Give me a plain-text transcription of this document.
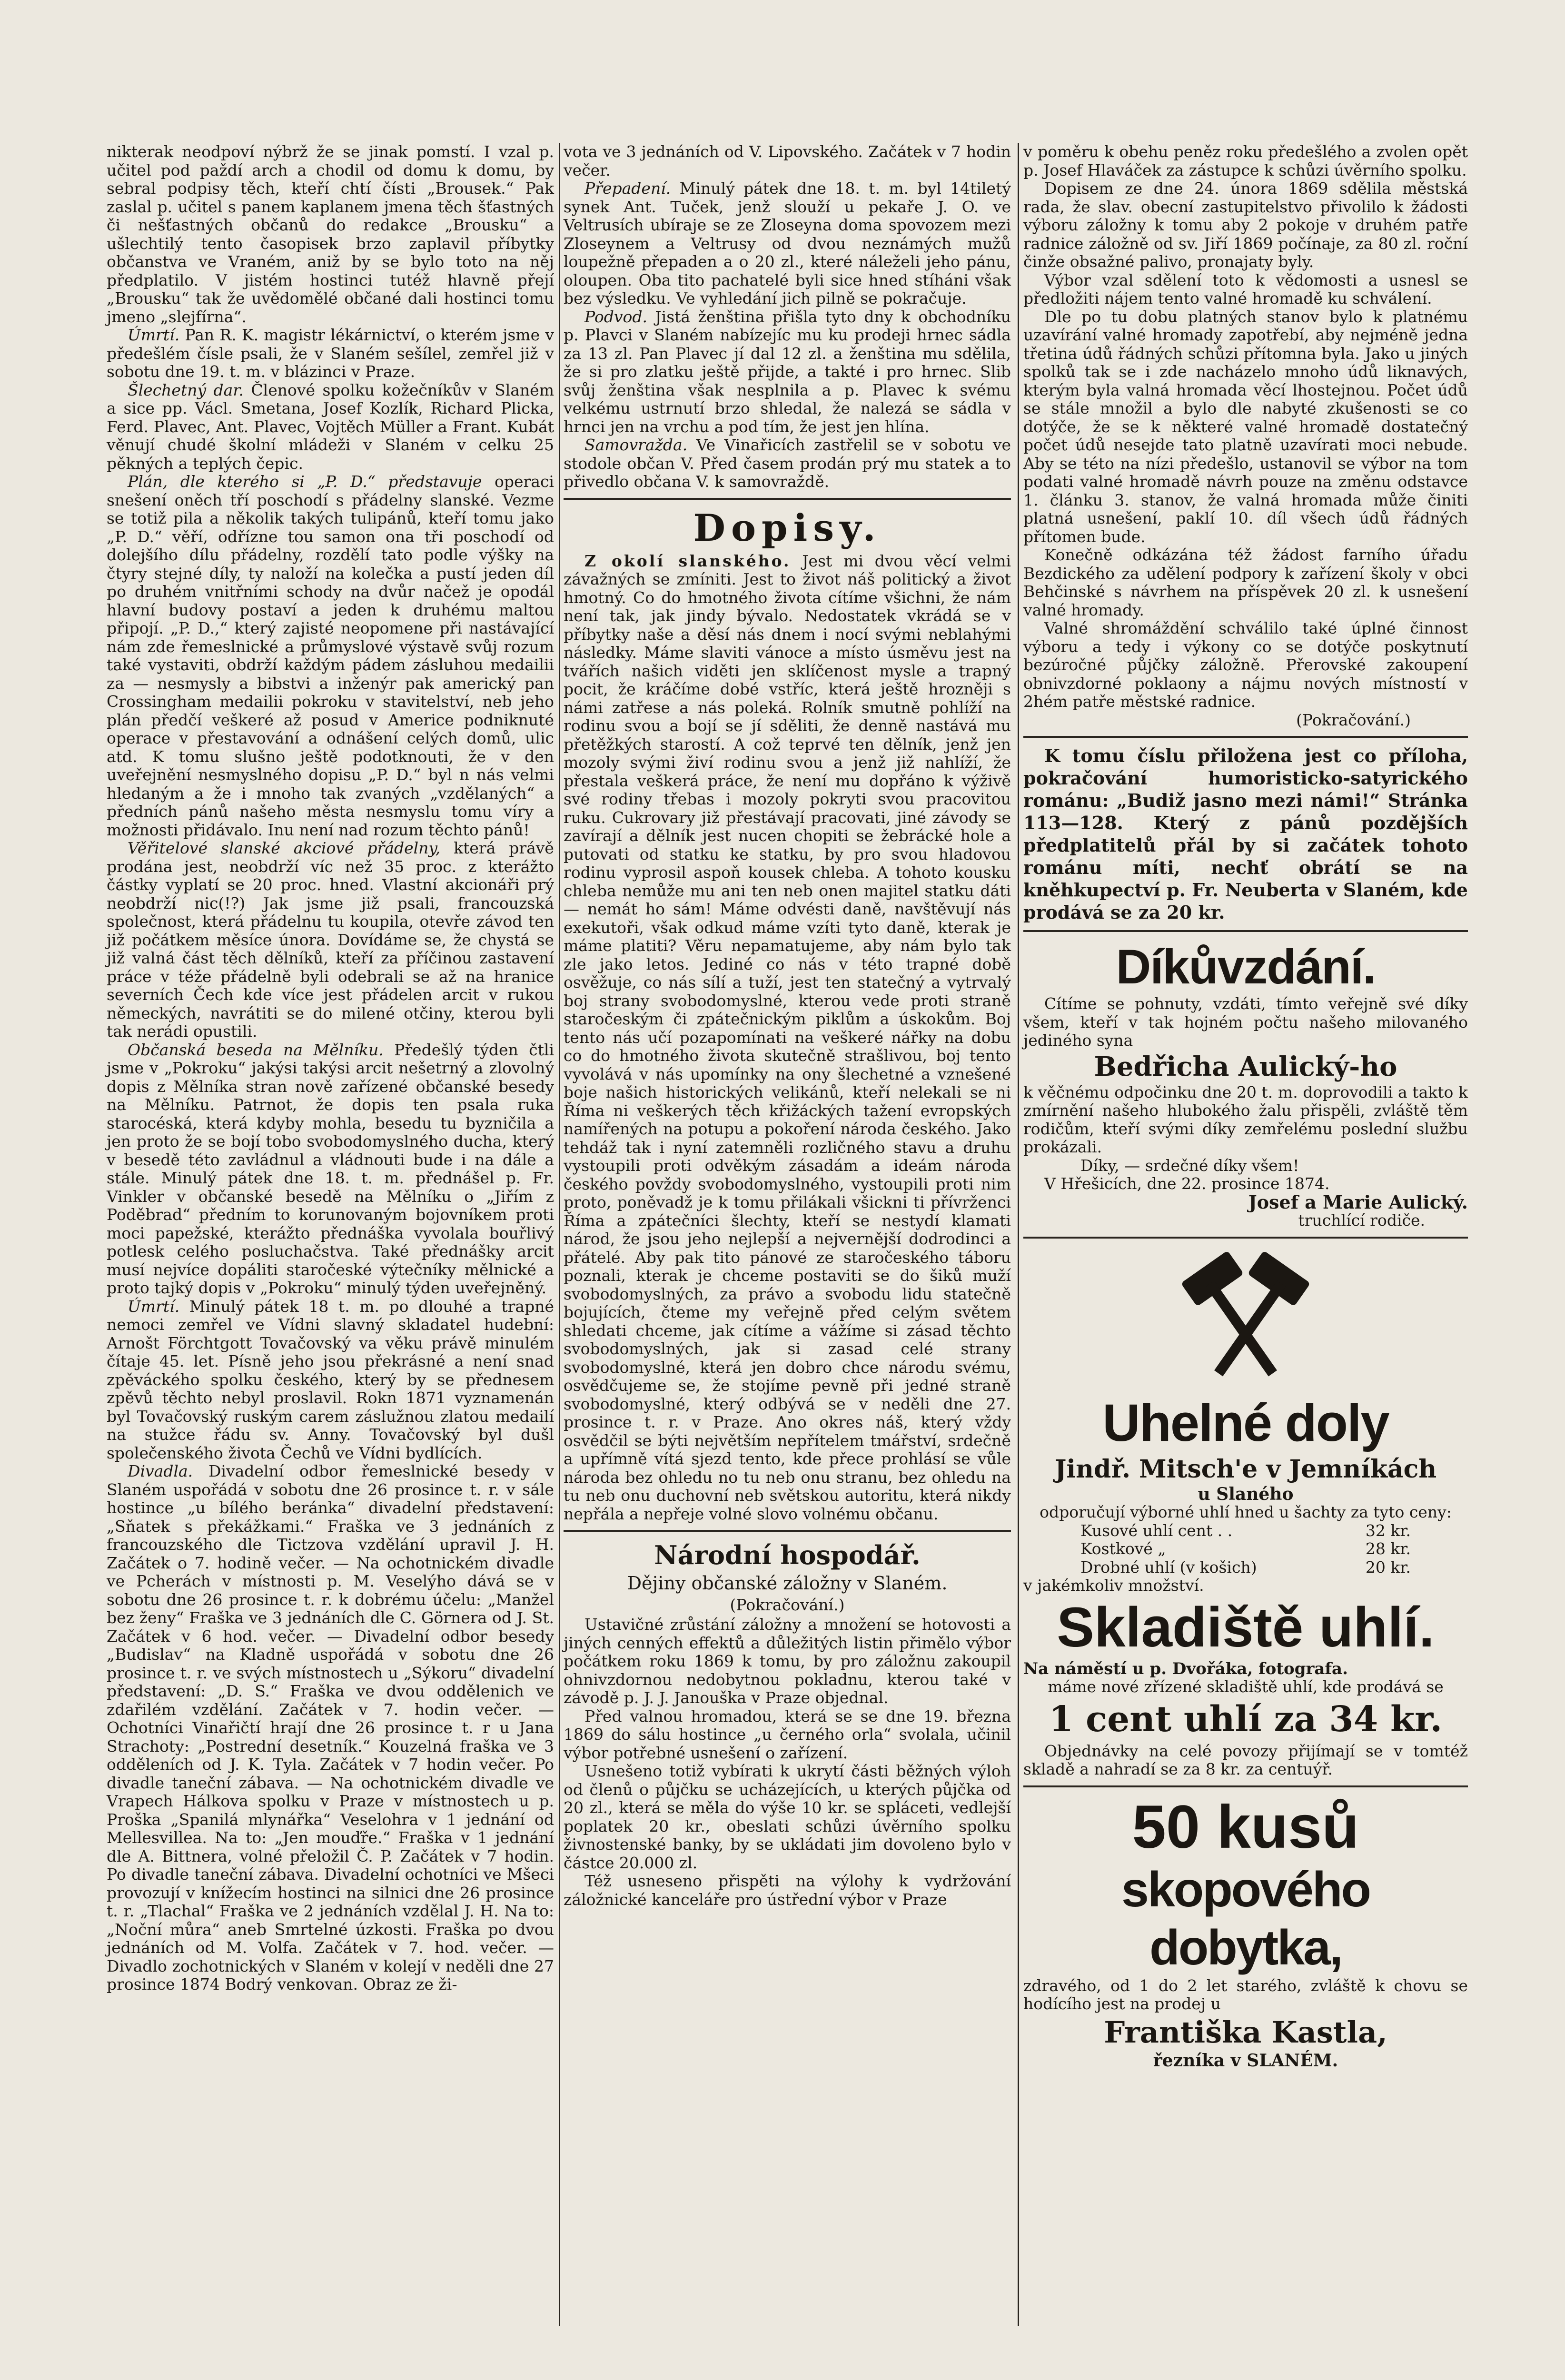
nikterak neodpoví nýbrž že se jinak pomstí. I vzal p. učitel pod paždí arch a chodil od domu k domu, by sebral podpisy těch, kteří chtí čísti „Brousek.“ Pak zaslal p. učitel s panem kaplanem jmena těch šťastných či nešťastných občanů do redakce „Brousku“ a ušlechtilý tento časopisek brzo zaplavil příbytky občanstva ve Vraném, aniž by se bylo toto na něj předplatilo. V jistém hostinci tutéž hlavně přejí „Brousku“ tak že uvědomělé občané dali hostinci tomu jmeno „slejfírna“.

Úmrtí. Pan R. K. magistr lékárnictví, o kterém jsme v předešlém čísle psali, že v Slaném sešílel, zemřel již v sobotu dne 19. t. m. v blázinci v Praze.

Šlechetný dar. Členové spolku kožečníkův v Slaném a sice pp. Václ. Smetana, Josef Kozlík, Richard Plicka, Ferd. Plavec, Ant. Plavec, Vojtěch Müller a Frant. Kubát věnují chudé školní mládeži v Slaném v celku 25 pěkných a teplých čepic.

Plán, dle kterého si „P. D.“ představuje operaci snešení oněch tří poschodí s přádelny slanské. Vezme se totiž pila a několik takých tulipánů, kteří tomu jako „P. D.“ věří, odřízne tou samon ona tři poschodí od dolejšího dílu přádelny, rozdělí tato podle výšky na čtyry stejné díly, ty naloží na kolečka a pustí jeden díl po druhém vnitřními schody na dvůr načež je opodál hlavní budovy postaví a jeden k druhému maltou připojí. „P. D.,“ který zajisté neopomene při nastávající nám zde řemeslnické a průmyslové výstavě svůj rozum také vystaviti, obdrží každým pádem zásluhou medailii za — nesmysly a bibstvi a inženýr pak americký pan Crossingham medailii pokroku v stavitelství, neb jeho plán předčí veškeré až posud v Americe podniknuté operace v přestavování a odnášení celých domů, ulic atd. K tomu slušno ještě podotknouti, že v den uveřejnění nesmyslného dopisu „P. D.“ byl n nás velmi hledaným a že i mnoho tak zvaných „vzdělaných“ a předních pánů našeho města nesmyslu tomu víry a možnosti přidávalo. Inu není nad rozum těchto pánů!

Věřitelové slanské akciové přádelny, která právě prodána jest, neobdrží víc než 35 proc. z kterážto částky vyplatí se 20 proc. hned. Vlastní akcionáři prý neobdrží nic(!?) Jak jsme již psali, francouzská společnost, která přádelnu tu koupila, otevře závod ten již počátkem měsíce února. Dovídáme se, že chystá se již valná část těch dělníků, kteří za příčinou zastavení práce v téže přádelně byli odebrali se až na hranice severních Čech kde více jest přádelen arcit v rukou německých, navrátiti se do milené otčiny, kterou byli tak nerádi opustili.

Občanská beseda na Mělníku. Předešlý týden čtli jsme v „Pokroku“ jakýsi takýsi arcit nešetrný a zlovolný dopis z Mělníka stran nově zařízené občanské besedy na Mělníku. Patrnot, že dopis ten psala ruka starocéská, která kdyby mohla, besedu tu byzničila a jen proto že se bojí tobo svobodomyslného ducha, který v besedě této zavládnul a vládnouti bude i na dále a stále. Minulý pátek dne 18. t. m. přednášel p. Fr. Vinkler v občanské besedě na Mělníku o „Jiřím z Poděbrad“ předním to korunovaným bojovníkem proti moci papežské, kterážto přednáška vyvolala bouřlivý potlesk celého posluchačstva. Také přednášky arcit musí nejvíce dopáliti staročeské výtečníky mělnické a proto tajký dopis v „Pokroku“ minulý týden uveřejněný.

Úmrtí. Minulý pátek 18 t. m. po dlouhé a trapné nemoci zemřel ve Vídni slavný skladatel hudební: Arnošt Förchtgott Tovačovský va věku právě minulém čítaje 45. let. Písně jeho jsou překrásné a není snad zpěváckého spolku českého, který by se přednesem zpěvů těchto nebyl proslavil. Rokn 1871 vyznamenán byl Tovačovský ruským carem záslužnou zlatou medailí na stužce řádu sv. Anny. Tovačovský byl dušl společenského života Čechů ve Vídni bydlících.

Divadla. Divadelní odbor řemeslnické besedy v Slaném uspořádá v sobotu dne 26 prosince t. r. v sále hostince „u bílého beránka“ divadelní představení: „Sňatek s překážkami.“ Fraška ve 3 jednáních z francouzského dle Tictzova vzdělání upravil J. H. Začátek o 7. hodině večer. — Na ochotnickém divadle ve Pcherách v místnosti p. M. Veselýho dává se v sobotu dne 26 prosince t. r. k dobrému účelu: „Manžel bez ženy“ Fraška ve 3 jednáních dle C. Görnera od J. St. Začátek v 6 hod. večer. — Divadelní odbor besedy „Budislav“ na Kladně uspořádá v sobotu dne 26 prosince t. r. ve svých místnostech u „Sýkoru“ divadelní představení: „D. S.“ Fraška ve dvou oddělenich ve zdařilém vzdělání. Začátek v 7. hodin večer. — Ochotníci Vinařičtí hrají dne 26 prosince t. r u Jana Strachoty: „Postrední desetník.“ Kouzelná fraška ve 3 odděleních od J. K. Tyla. Začátek v 7 hodin večer. Po divadle taneční zábava. — Na ochotnickém divadle ve Vrapech Hálkova spolku v Praze v místnostech u p. Proška „Spanilá mlynářka“ Veselohra v 1 jednání od Mellesvillea. Na to: „Jen mouďře.“ Fraška v 1 jednání dle A. Bittnera, volné přeložil Č. P. Začátek v 7 hodin. Po divadle taneční zábava. Divadelní ochotníci ve Mšeci provozují v knížecím hostinci na silnici dne 26 prosince t. r. „Tlachal“ Fraška ve 2 jednáních vzdělal J. H. Na to: „Noční můra“ aneb Smrtelné úzkosti. Fraška po dvou jednáních od M. Volfa. Začátek v 7. hod. večer. — Divadlo zochotnických v Slaném v kolejí v neděli dne 27 prosince 1874 Bodrý venkovan. Obraz ze ži-

vota ve 3 jednáních od V. Lipovského. Začátek v 7 hodin večer.

Přepadení. Minulý pátek dne 18. t. m. byl 14tiletý synek Ant. Tuček, jenž slouží u pekaře J. O. ve Veltrusích ubíraje se ze Zloseyna doma spovozem mezi Zloseynem a Veltrusy od dvou neznámých mužů loupežně přepaden a o 20 zl., které náleželi jeho pánu, oloupen. Oba tito pachatelé byli sice hned stíháni však bez výsledku. Ve vyhledání jich pilně se pokračuje.

Podvod. Jistá ženština přišla tyto dny k obchodníku p. Plavci v Slaném nabízejíc mu ku prodeji hrnec sádla za 13 zl. Pan Plavec jí dal 12 zl. a ženština mu sdělila, že si pro zlatku ještě přijde, a takté i pro hrnec. Slib svůj ženština však nesplnila a p. Plavec k svému velkému ustrnutí brzo shledal, že nalezá se sádla v hrnci jen na vrchu a pod tím, že jest jen hlína.

Samovražda. Ve Vinařicích zastřelil se v sobotu ve stodole občan V. Před časem prodán prý mu statek a to přivedlo občana V. k samovraždě.

Dopisy.

Z okolí slanského. Jest mi dvou věcí velmi závažných se zmíniti. Jest to život náš politický a život hmotný. Co do hmotného života cítíme všichni, že nám není tak, jak jindy bývalo. Nedostatek vkrádá se v příbytky naše a děsí nás dnem i nocí svými neblahými následky. Máme slaviti vánoce a místo úsměvu jest na tvářích našich viděti jen sklíčenost mysle a trapný pocit, že kráčíme dobé vstříc, která ještě hrozněji s námi zatřese a nás poleká. Rolník smutně pohlíží na rodinu svou a bojí se jí sděliti, že denně nastává mu přetěžkých starostí. A což teprvé ten dělník, jenž jen mozoly svými živí rodinu svou a jenž již nahlíží, že přestala veškerá práce, že není mu dopřáno k výživě své rodiny třebas i mozoly pokryti svou pracovitou ruku. Cukrovary již přestávají pracovati, jiné závody se zavírají a dělník jest nucen chopiti se žebrácké hole a putovati od statku ke statku, by pro svou hladovou rodinu vyprosil aspoň kousek chleba. A tohoto kousku chleba nemůže mu ani ten neb onen majitel statku dáti — nemát ho sám! Máme odvésti daně, navštěvují nás exekutoři, však odkud máme vzíti tyto daně, kterak je máme platiti? Věru nepamatujeme, aby nám bylo tak zle jako letos. Jediné co nás v této trapné době osvěžuje, co nás sílí a tuží, jest ten statečný a vytrvalý boj strany svobodomyslné, kterou vede proti straně staročeským či zpátečnickým piklům a úskokům. Boj tento nás učí pozapomínati na veškeré nářky na dobu co do hmotného života skutečně strašlivou, boj tento vyvolává v nás upomínky na ony šlechetné a vznešené boje našich historických velikánů, kteří nelekali se ni Říma ni veškerých těch křižáckých tažení evropských namířených na potupu a pokoření národa českého. Jako tehdáž tak i nyní zatemněli rozličného stavu a druhu vystoupili proti odvěkým zásadám a ideám národa českého povždy svobodomyslného, vystoupili proti nim proto, poněvadž je k tomu přilákali všickni ti přívrženci Říma a zpátečníci šlechty, kteří se nestydí klamati národ, že jsou jeho nejlepší a nejvernější dodrodinci a přátelé. Aby pak tito pánové ze staročeského táboru poznali, kterak je chceme postaviti se do šiků muží svobodomyslných, za právo a svobodu lidu statečně bojujících, čteme my veřejně před celým světem shledati chceme, jak cítíme a vážíme si zásad těchto svobodomyslných, jak si zasad celé strany svobodomyslné, která jen dobro chce národu svému, osvědčujeme se, že stojíme pevně při jedné straně svobodomyslné, který odbývá se v neděli dne 27. prosince t. r. v Praze. Ano okres náš, který vždy osvědčil se býti největším nepřítelem tmářství, srdečně a upřímně vítá sjezd tento, kde přece prohlásí se vůle národa bez ohledu no tu neb onu stranu, bez ohledu na tu neb onu duchovní neb světskou autoritu, která nikdy nepřála a nepřeje volné slovo volnému občanu.

Národní hospodář.
Dějiny občanské záložny v Slaném.
(Pokračování.)

Ustavičné zrůstání záložny a množení se hotovosti a jiných cenných effektů a důležitých listin přimělo výbor počátkem roku 1869 k tomu, by pro záložnu zakoupil ohnivzdornou nedobytnou pokladnu, kterou také v závodě p. J. J. Janouška v Praze objednal.

Před valnou hromadou, která se se dne 19. března 1869 do sálu hostince „u černého orla“ svolala, učinil výbor potřebné usnešení o zařízení.

Usnešeno totiž vybírati k ukrytí části běžných výloh od členů o půjčku se ucházejících, u kterých půjčka od 20 zl., která se měla do výše 10 kr. se spláceti, vedlejší poplatek 20 kr., obeslati schůzi úvěrního spolku živnostenské banky, by se ukládati jim dovoleno bylo v částce 20.000 zl.

Též usneseno přispěti na výlohy k vydržování záložnické kanceláře pro ústřední výbor v Praze

v poměru k obehu peněz roku předešlého a zvolen opět p. Josef Hlaváček za zástupce k schůzi úvěrního spolku.

Dopisem ze dne 24. února 1869 sdělila městská rada, že slav. obecní zastupitelstvo přivolilo k žádosti výboru záložny k tomu aby 2 pokoje v druhém patře radnice záložně od sv. Jiří 1869 počínaje, za 80 zl. roční činže obsažné palivo, pronajaty byly.

Výbor vzal sdělení toto k vědomosti a usnesl se předložiti nájem tento valné hromadě ku schválení.

Dle po tu dobu platných stanov bylo k platnému uzavírání valné hromady zapotřebí, aby nejméně jedna třetina údů řádných schůzi přítomna byla. Jako u jiných spolků tak se i zde nacházelo mnoho údů liknavých, kterým byla valná hromada věcí lhostejnou. Počet údů se stále množil a bylo dle nabyté zkušenosti se co dotýče, že se k některé valné hromadě dostatečný počet údů nesejde tato platně uzavírati moci nebude. Aby se této na nízi předešlo, ustanovil se výbor na tom podati valné hromadě návrh pouze na změnu odstavce 1. článku 3. stanov, že valná hromada může činiti platná usnešení, paklí 10. díl všech údů řádných přítomen bude.

Konečně odkázána též žádost farního úřadu Bezdického za udělení podpory k zařízení školy v obci Behčinské s návrhem na příspěvek 20 zl. k usnešení valné hromady.

Valné shromáždění schválilo také úplné činnost výboru a tedy i výkony co se dotýče poskytnutí bezúročné půjčky záložně. Přerovské zakoupení obnivzdorné poklaony a nájmu nových místností v 2hém patře městské radnice.

(Pokračování.)

K tomu číslu přiložena jest co příloha, pokračování humoristicko-satyrického románu: „Budiž jasno mezi námi!“ Stránka 113—128. Který z pánů pozdějších předplatitelů přál by si začátek tohoto románu míti, nechť obrátí se na kněhkupectví p. Fr. Neuberta v Slaném, kde prodává se za 20 kr.

Díkůvzdání.

Cítíme se pohnuty, vzdáti, tímto veřejně své díky všem, kteří v tak hojném počtu našeho milovaného jediného syna

Bedřicha Aulický-ho

k věčnému odpočinku dne 20 t. m. doprovodili a takto k zmírnění našeho hlubokého žalu přispěli, zvláště těm rodičům, kteří svými díky zemřelému poslední službu prokázali.

Díky, — srdečné díky všem!

V Hřešicích, dne 22. prosince 1874.

Josef a Marie Aulický.

truchlící rodiče.

Uhelné doly
Jindř. Mitsch'e v Jemníkách
u Slaného

odporučují výborné uhlí hned u šachty za tyto ceny:

Kusové uhlí cent . .	32 kr.
Kostkové „	28 kr.
Drobné uhlí (v košich)	20 kr.

v jakémkoliv množství.

Skladiště uhlí.

Na náměstí u p. Dvořáka, fotografa.

máme nové zřízené skladiště uhlí, kde prodává se

1 cent uhlí za 34 kr.

Objednávky na celé povozy přijímají se v tomtéž skladě a nahradí se za 8 kr. za centuýř.

50 kusů
skopového dobytka,

zdravého, od 1 do 2 let starého, zvláště k chovu se hodícího jest na prodej u

Františka Kastla,
řezníka v SLANÉM.
